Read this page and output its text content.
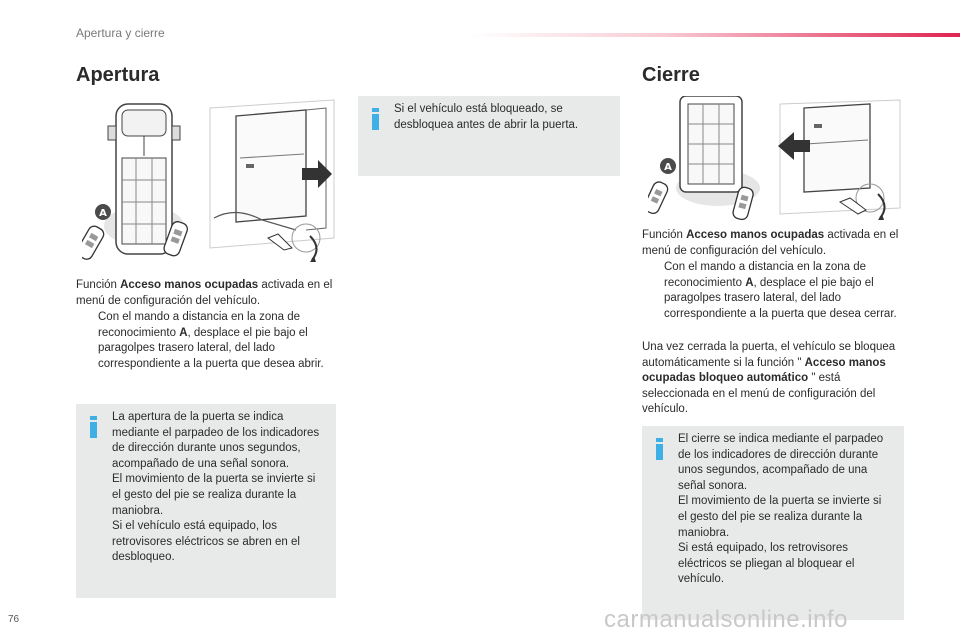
Apertura y cierre
Apertura
A
Función Acceso manos ocupadas activada en el menú de configuración del vehículo.
Con el mando a distancia en la zona de reconocimiento A, desplace el pie bajo el paragolpes trasero lateral, del lado correspondiente a la puerta que desea abrir.
La apertura de la puerta se indica mediante el parpadeo de los indicadores de dirección durante unos segundos, acompañado de una señal sonora.
El movimiento de la puerta se invierte si el gesto del pie se realiza durante la maniobra.
Si el vehículo está equipado, los retrovisores eléctricos se abren en el desbloqueo.
Si el vehículo está bloqueado, se desbloquea antes de abrir la puerta.
Cierre
A
Función Acceso manos ocupadas activada en el menú de configuración del vehículo.
Con el mando a distancia en la zona de reconocimiento A, desplace el pie bajo el paragolpes trasero lateral, del lado correspondiente a la puerta que desea cerrar.
Una vez cerrada la puerta, el vehículo se bloquea automáticamente si la función " Acceso manos ocupadas bloqueo automático " está seleccionada en el menú de configuración del vehículo.
El cierre se indica mediante el parpadeo de los indicadores de dirección durante unos segundos, acompañado de una señal sonora.
El movimiento de la puerta se invierte si el gesto del pie se realiza durante la maniobra.
Si está equipado, los retrovisores eléctricos se pliegan al bloquear el vehículo.
76	carmanualsonline.info
